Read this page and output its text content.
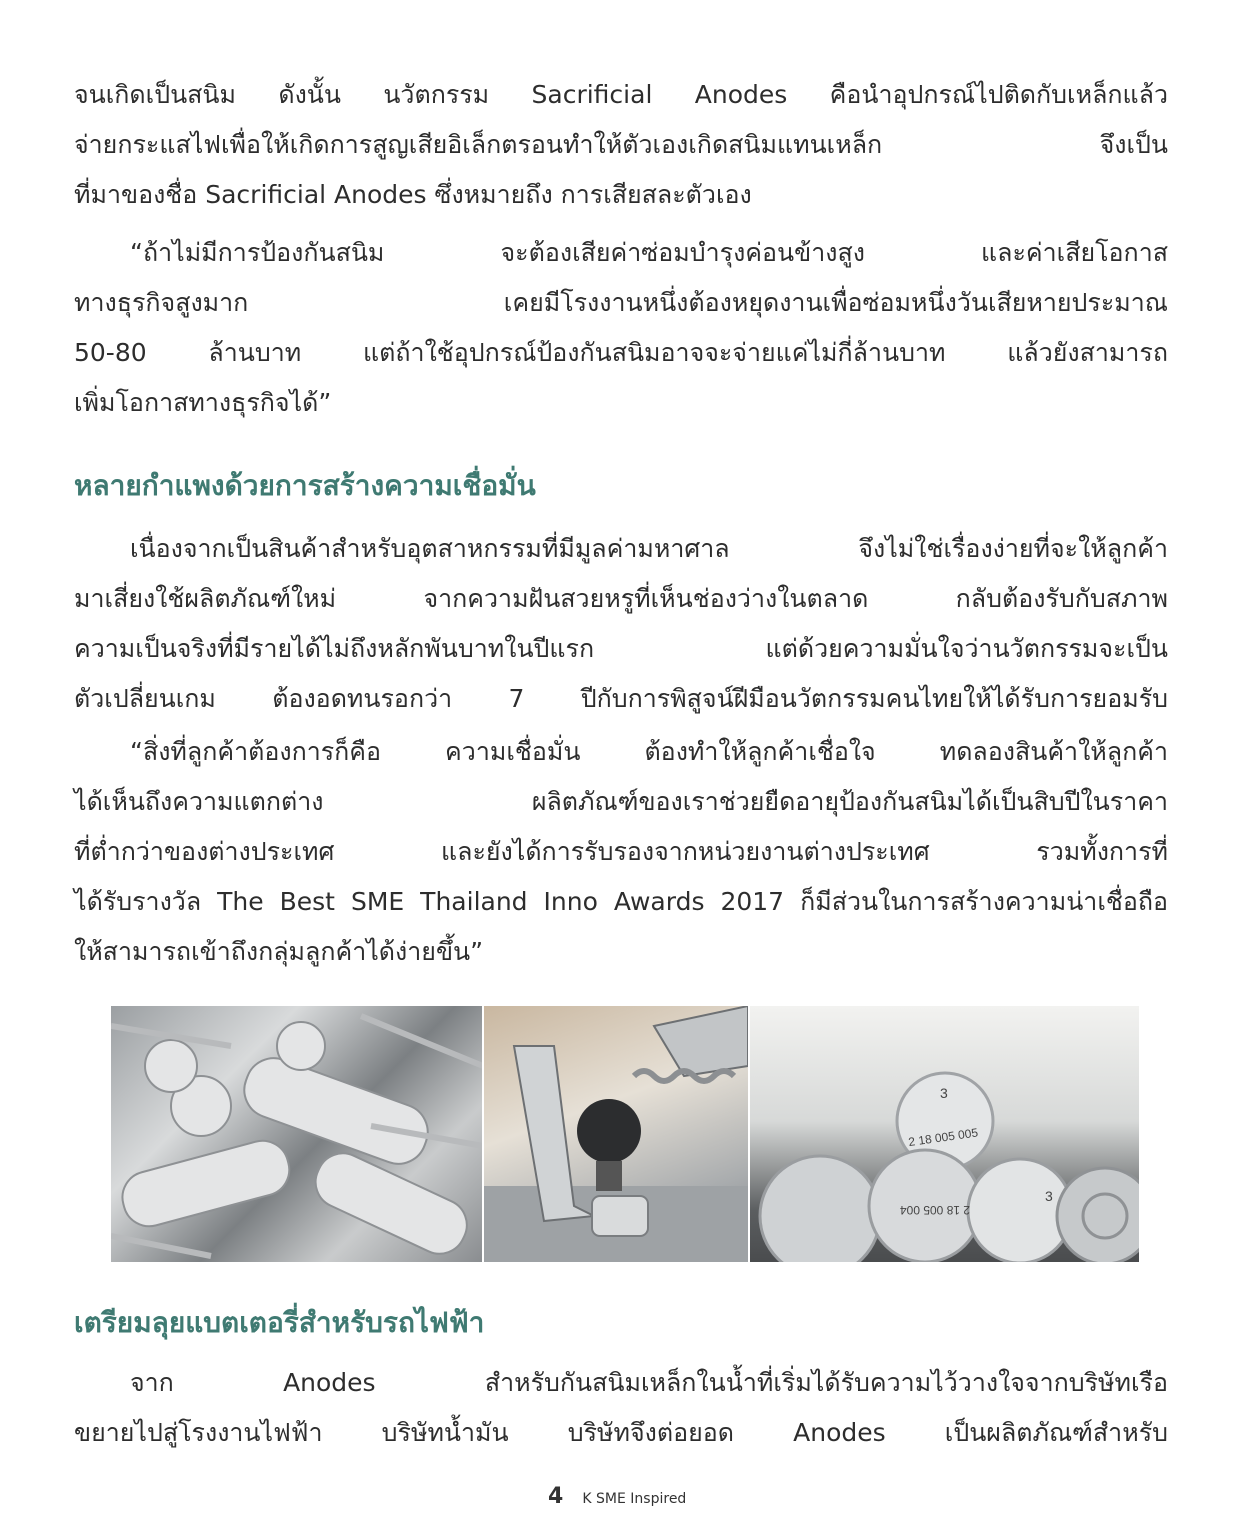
จนเกิดเป็นสนิม ดังนั้น นวัตกรรม Sacrificial Anodes คือนำอุปกรณ์ไปติดกับเหล็กแล้ว

จ่ายกระแสไฟเพื่อให้เกิดการสูญเสียอิเล็กตรอนทำให้ตัวเองเกิดสนิมแทนเหล็ก จึงเป็น

ที่มาของชื่อ Sacrificial Anodes ซึ่งหมายถึง การเสียสละตัวเอง

“ถ้าไม่มีการป้องกันสนิม จะต้องเสียค่าซ่อมบำรุงค่อนข้างสูง และค่าเสียโอกาส

ทางธุรกิจสูงมาก เคยมีโรงงานหนึ่งต้องหยุดงานเพื่อซ่อมหนึ่งวันเสียหายประมาณ

50-80 ล้านบาท แต่ถ้าใช้อุปกรณ์ป้องกันสนิมอาจจะจ่ายแค่ไม่กี่ล้านบาท แล้วยังสามารถ

เพิ่มโอกาสทางธุรกิจได้”

หลายกำแพงด้วยการสร้างความเชื่อมั่น

เนื่องจากเป็นสินค้าสำหรับอุตสาหกรรมที่มีมูลค่ามหาศาล จึงไม่ใช่เรื่องง่ายที่จะให้ลูกค้า

มาเสี่ยงใช้ผลิตภัณฑ์ใหม่ จากความฝันสวยหรูที่เห็นช่องว่างในตลาด กลับต้องรับกับสภาพ

ความเป็นจริงที่มีรายได้ไม่ถึงหลักพันบาทในปีแรก แต่ด้วยความมั่นใจว่านวัตกรรมจะเป็น

ตัวเปลี่ยนเกม ต้องอดทนรอกว่า 7 ปีกับการพิสูจน์ฝีมือนวัตกรรมคนไทยให้ได้รับการยอมรับ

“สิ่งที่ลูกค้าต้องการก็คือ ความเชื่อมั่น ต้องทำให้ลูกค้าเชื่อใจ ทดลองสินค้าให้ลูกค้า

ได้เห็นถึงความแตกต่าง ผลิตภัณฑ์ของเราช่วยยืดอายุป้องกันสนิมได้เป็นสิบปีในราคา

ที่ต่ำกว่าของต่างประเทศ และยังได้การรับรองจากหน่วยงานต่างประเทศ รวมทั้งการที่

ได้รับรางวัล The Best SME Thailand Inno Awards 2017 ก็มีส่วนในการสร้างความน่าเชื่อถือ

ให้สามารถเข้าถึงกลุ่มลูกค้าได้ง่ายขึ้น”

2 18 005 005
2 18 005 004
3
3
เตรียมลุยแบตเตอรี่สำหรับรถไฟฟ้า

จาก Anodes สำหรับกันสนิมเหล็กในน้ำที่เริ่มได้รับความไว้วางใจจากบริษัทเรือ

ขยายไปสู่โรงงานไฟฟ้า บริษัทน้ำมัน บริษัทจึงต่อยอด Anodes เป็นผลิตภัณฑ์สำหรับ

4 K SME Inspired
